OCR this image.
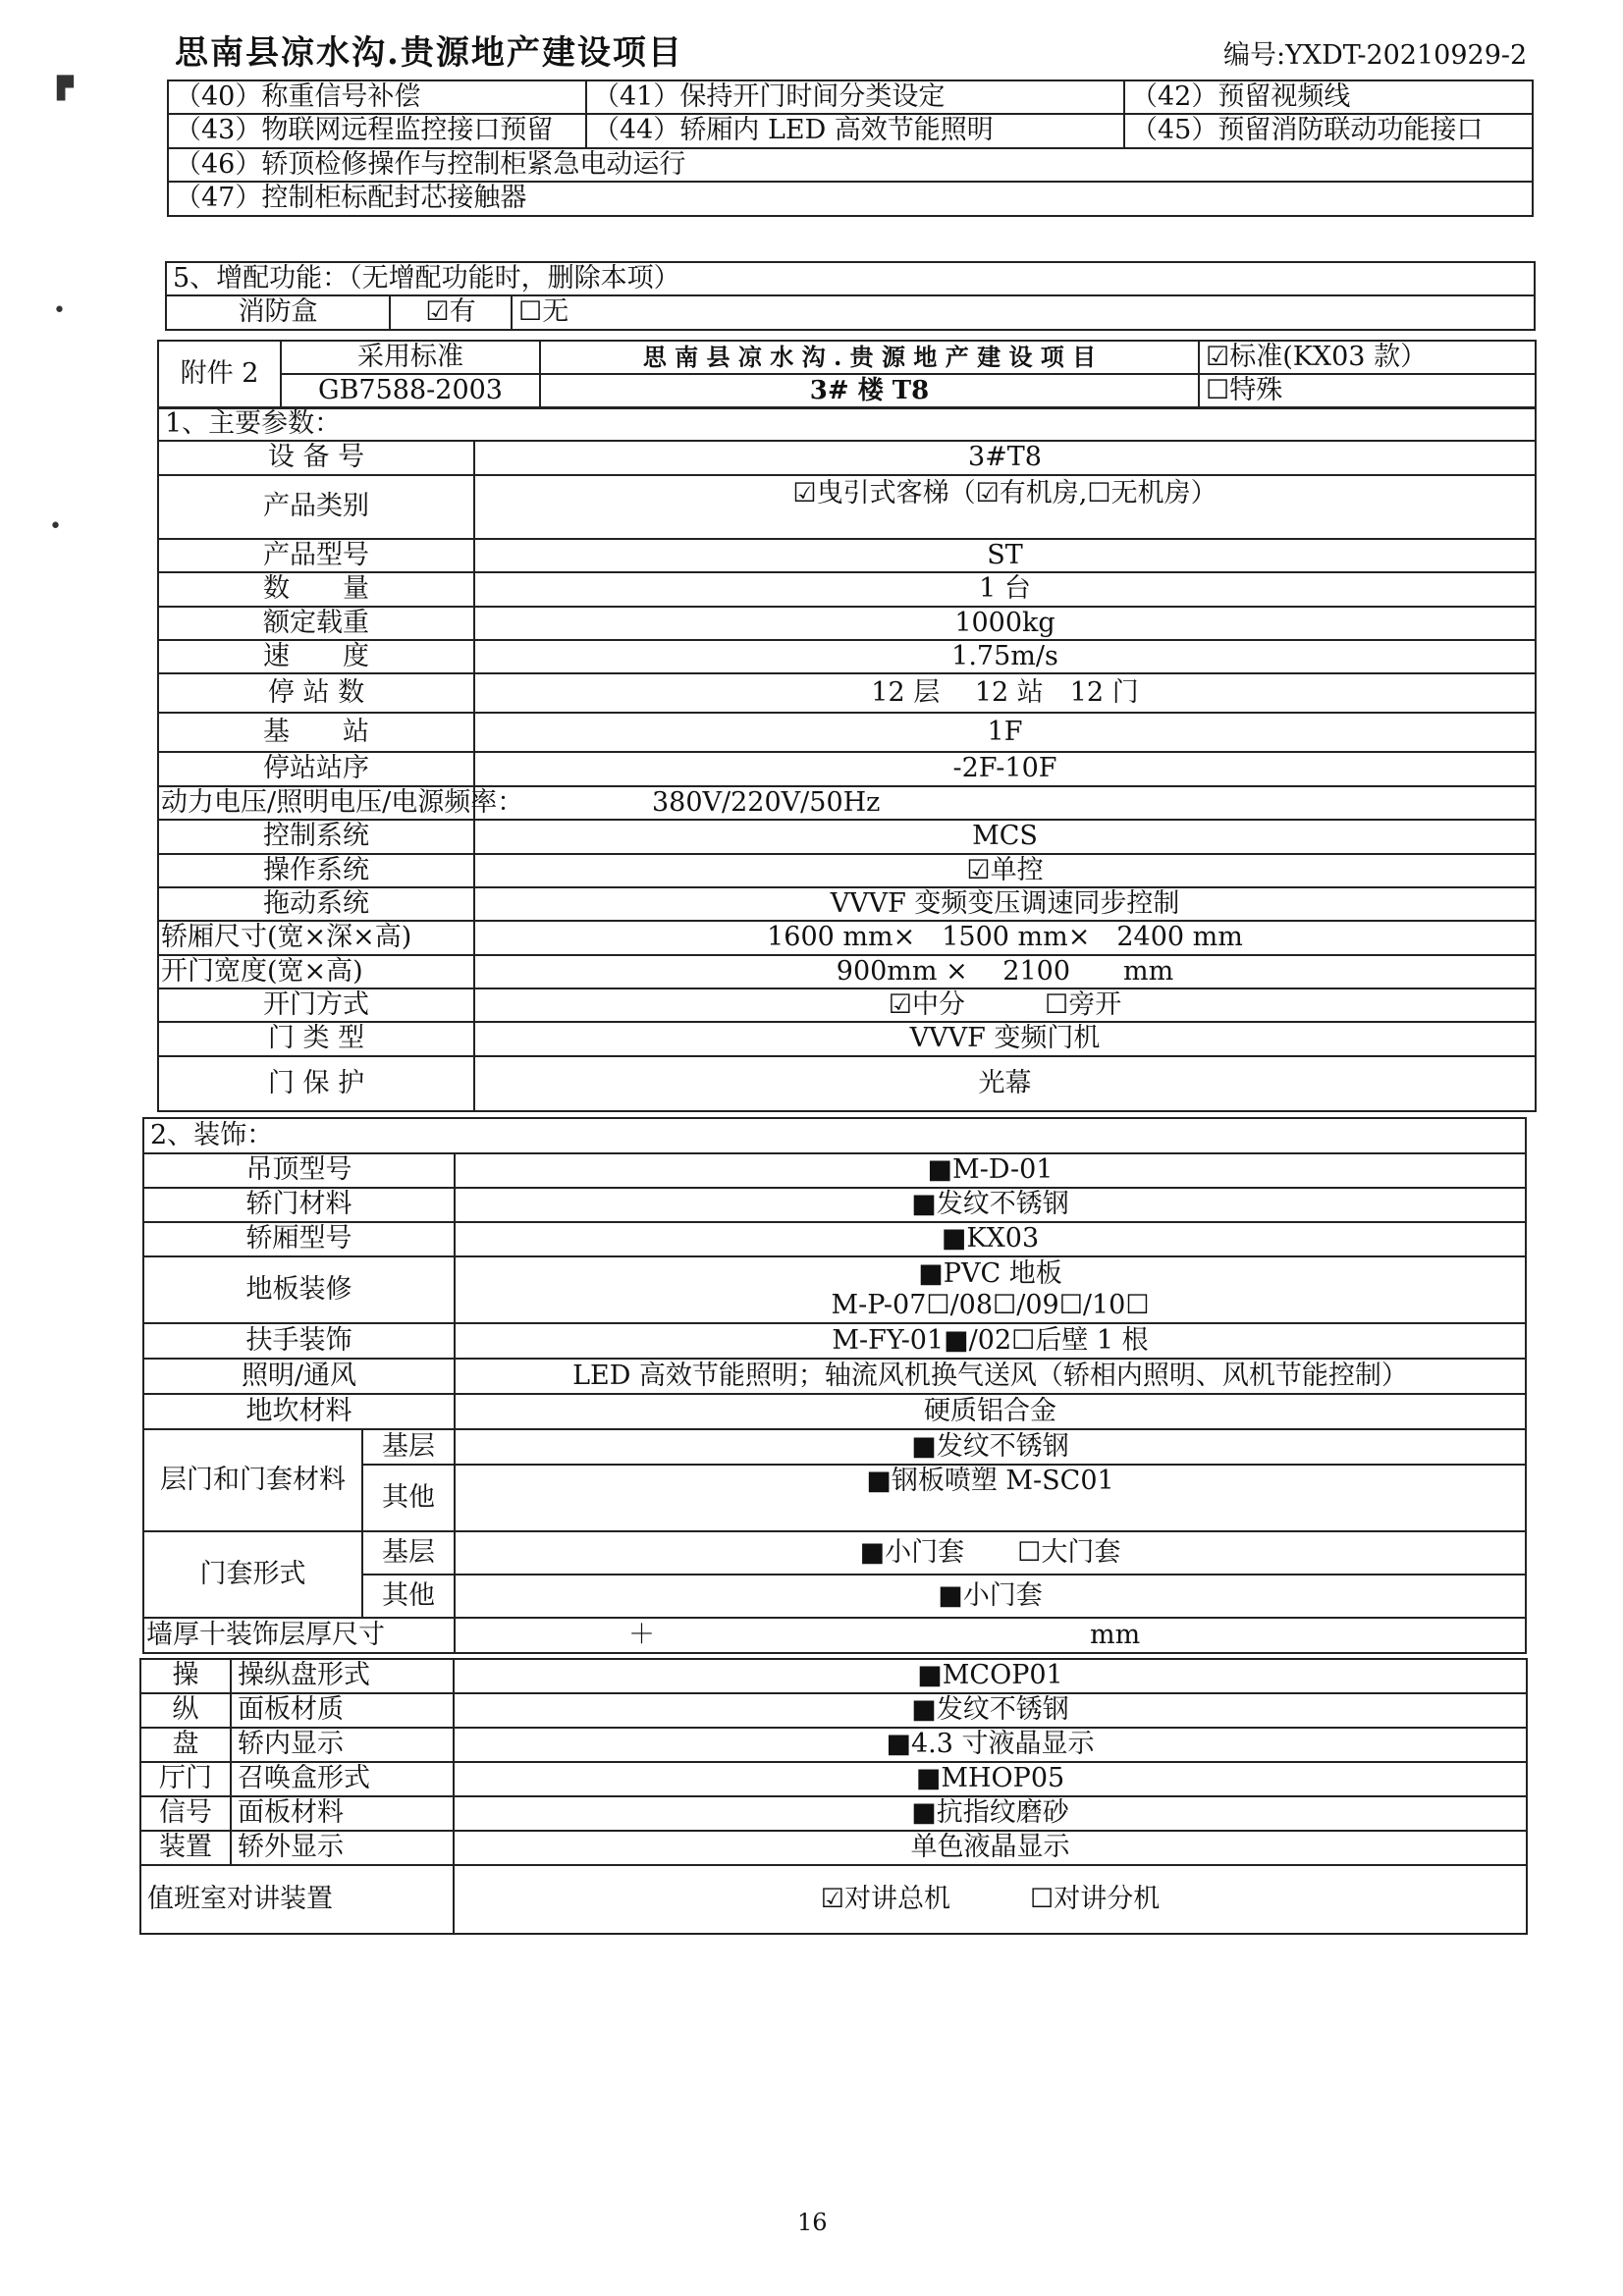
思南县凉水沟.贵源地产建设项目	编号:YXDT-20210929-2
▛
•
•
（40）称重信号补偿	（41）保持开门时间分类设定	（42）预留视频线
（43）物联网远程监控接口预留	（44）轿厢内 LED 高效节能照明	（45）预留消防联动功能接口
（46）轿顶检修操作与控制柜紧急电动运行		
（47）控制柜标配封芯接触器		
5、增配功能：（无增配功能时，删除本项）
消防盒	☑有	☐无
附件 2	采用标准	思 南 县 凉 水 沟 . 贵 源 地 产 建 设 项 目	☑标准(KX03 款）
	GB7588-2003	3# 楼 T8	☐特殊
1、主要参数：	
设 备 号	3#T8
产品类别	☑曳引式客梯（☑有机房,☐无机房）
产品型号	ST
数　　量	1 台
额定载重	1000kg
速　　度	1.75m/s
停 站 数	12 层　 12 站　12 门
基　　站	1F
停站站序	-2F-10F
动力电压/照明电压/电源频率：	380V/220V/50Hz
控制系统	MCS
操作系统	☑单控
拖动系统	VVVF 变频变压调速同步控制
轿厢尺寸(宽×深×高)	1600 mm×　1500 mm×　2400 mm
开门宽度(宽×高)	900mm ×　 2100　　mm
开门方式	☑中分　　　☐旁开
门 类 型	VVVF 变频门机
门 保 护	光幕
2、装饰：		
吊顶型号		■M-D-01
轿门材料		■发纹不锈钢
轿厢型号		■KX03
地板装修		■PVC 地板
M-P-07☐/08☐/09☐/10☐

扶手装饰		M-FY-01■/02☐后壁 1 根
照明/通风		LED 高效节能照明；轴流风机换气送风（轿相内照明、风机节能控制）
地坎材料		硬质铝合金
层门和门套材料	基层	■发纹不锈钢
	其他	■钢板喷塑 M-SC01
门套形式	基层	■小门套　　☐大门套
	其他	■小门套
墙厚十装饰层厚尺寸		＋ mm
操	操纵盘形式	■MCOP01
纵	面板材质	■发纹不锈钢
盘	轿内显示	■4.3 寸液晶显示
厅门	召唤盒形式	■MHOP05
信号	面板材料	■抗指纹磨砂
装置	轿外显示	单色液晶显示
值班室对讲装置		☑对讲总机　　　☐对讲分机
16
